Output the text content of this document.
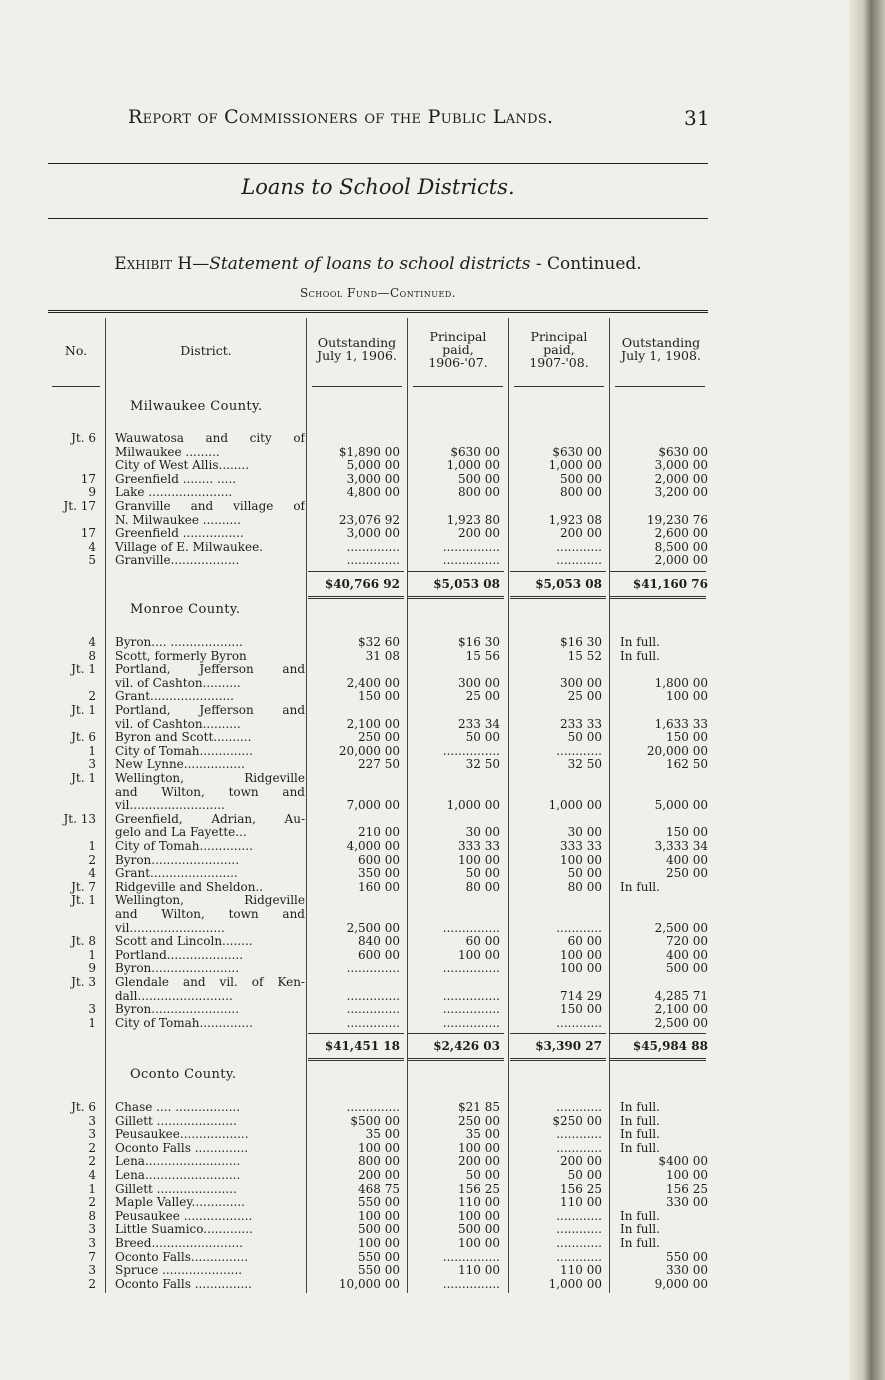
Report of Commissioners of the Public Lands.	31
Loans to School Districts.
Exhibit H—Statement of loans to school districts - Continued.
School Fund—Continued.
No.	District.
Outstanding
July 1, 1906.
Principal
paid,
1906-'07.
Principal
paid,
1907-'08.
Outstanding
July 1, 1908.
Milwaukee County.
Jt. 6 Wauwatosa and city of
Milwaukee .........	$1,890 00	$630 00	$630 00	$630 00
City of West Allis........	5,000 00	1,000 00	1,000 00	3,000 00
17 Greenfield ........ .....	3,000 00	500 00	500 00	2,000 00
9 Lake ......................	4,800 00	800 00	800 00	3,200 00
Jt. 17 Granville and village of
N. Milwaukee ..........	23,076 92	1,923 80	1,923 08	19,230 76
17 Greenfield ................	3,000 00	200 00	200 00	2,600 00
4 Village of E. Milwaukee.	..............	...............	............	8,500 00
5 Granville..................	..............	...............	............	2,000 00
$40,766 92	$5,053 08	$5,053 08	$41,160 76
Monroe County.
4 Byron.... ...................	$32 60	$16 30	$16 30	In full.
8 Scott, formerly Byron	31 08	15 56	15 52	In full.
Jt. 1 Portland, Jefferson and
vil. of Cashton..........	2,400 00	300 00	300 00	1,800 00
2 Grant......................	150 00	25 00	25 00	100 00
Jt. 1 Portland, Jefferson and
vil. of Cashton..........	2,100 00	233 34	233 33	1,633 33
Jt. 6 Byron and Scott..........	250 00	50 00	50 00	150 00
1 City of Tomah..............	20,000 00	...............	............	20,000 00
3 New Lynne................	227 50	32 50	32 50	162 50
Jt. 1 Wellington, Ridgeville
and Wilton, town and
vil.........................	7,000 00	1,000 00	1,000 00	5,000 00
Jt. 13 Greenfield, Adrian, Au-
gelo and La Fayette...	210 00	30 00	30 00	150 00
1 City of Tomah..............	4,000 00	333 33	333 33	3,333 34
2 Byron.......................	600 00	100 00	100 00	400 00
4 Grant.......................	350 00	50 00	50 00	250 00
Jt. 7 Ridgeville and Sheldon..	160 00	80 00	80 00	In full.
Jt. 1 Wellington, Ridgeville
and Wilton, town and
vil.........................	2,500 00	...............	............	2,500 00
Jt. 8 Scott and Lincoln........	840 00	60 00	60 00	720 00
1 Portland....................	600 00	100 00	100 00	400 00
9 Byron.......................	..............	...............	100 00	500 00
Jt. 3 Glendale and vil. of Ken-
dall.........................	..............	...............	714 29	4,285 71
3 Byron.......................	..............	...............	150 00	2,100 00
1 City of Tomah..............	..............	...............	............	2,500 00
$41,451 18	$2,426 03	$3,390 27	$45,984 88
Oconto County.
Jt. 6 Chase .... .................	..............	$21 85	............	In full.
3 Gillett .....................	$500 00	250 00	$250 00	In full.
3 Peusaukee..................	35 00	35 00	............	In full.
2 Oconto Falls ..............	100 00	100 00	............	In full.
2 Lena.........................	800 00	200 00	200 00	$400 00
4 Lena.........................	200 00	50 00	50 00	100 00
1 Gillett .....................	468 75	156 25	156 25	156 25
2 Maple Valley..............	550 00	110 00	110 00	330 00
8 Peusaukee ..................	100 00	100 00	............	In full.
3 Little Suamico.............	500 00	500 00	............	In full.
3 Breed........................	100 00	100 00	............	In full.
7 Oconto Falls...............	550 00	...............	............	550 00
3 Spruce .....................	550 00	110 00	110 00	330 00
2 Oconto Falls ...............	10,000 00	...............	1,000 00	9,000 00
